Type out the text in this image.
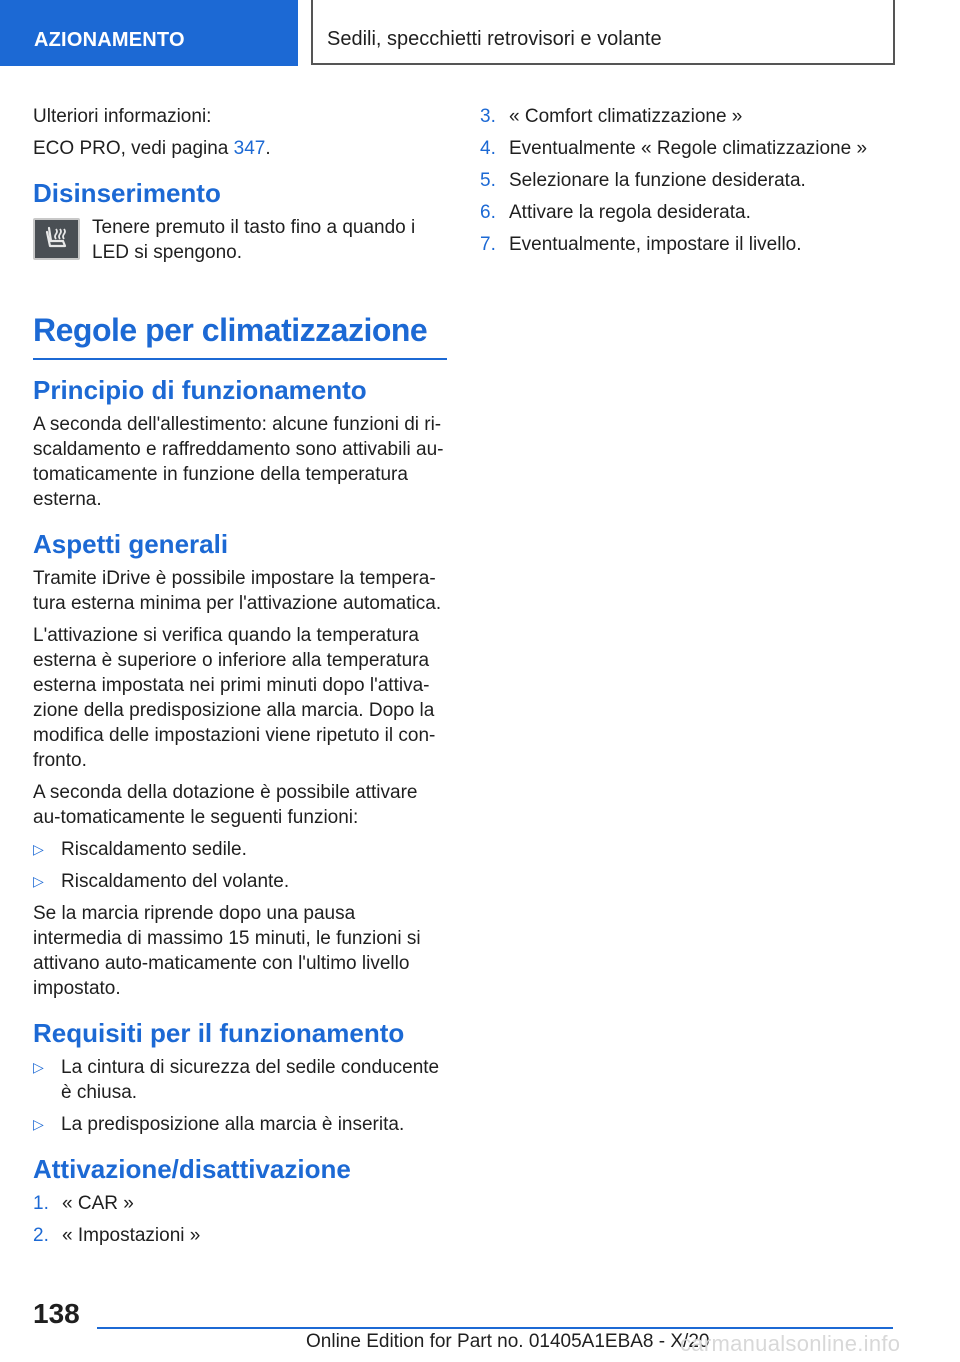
AZIONAMENTO	Sedili, specchietti retrovisori e volante

Ulteriori informazioni:

ECO PRO, vedi pagina 347.

Disinserimento

Tenere premuto il tasto fino a quando i LED si spengono.

Regole per climatizzazione
Principio di funzionamento

A seconda dell'allestimento: alcune funzioni di ri-scaldamento e raffreddamento sono attivabili au-tomaticamente in funzione della temperatura esterna.

Aspetti generali

Tramite iDrive è possibile impostare la tempera-tura esterna minima per l'attivazione automatica.

L'attivazione si verifica quando la temperatura esterna è superiore o inferiore alla temperatura esterna impostata nei primi minuti dopo l'attiva-zione della predisposizione alla marcia. Dopo la modifica delle impostazioni viene ripetuto il con-fronto.

A seconda della dotazione è possibile attivare au-tomaticamente le seguenti funzioni:

▷ Riscaldamento sedile.
▷ Riscaldamento del volante.

Se la marcia riprende dopo una pausa intermedia di massimo 15 minuti, le funzioni si attivano auto-maticamente con l'ultimo livello impostato.

Requisiti per il funzionamento
▷ La cintura di sicurezza del sedile conducente è chiusa.
▷ La predisposizione alla marcia è inserita.
Attivazione/disattivazione
1. « CAR »
2. « Impostazioni »
3. « Comfort climatizzazione »
4. Eventualmente « Regole climatizzazione »
5. Selezionare la funzione desiderata.
6. Attivare la regola desiderata.
7. Eventualmente, impostare il livello.
138
Online Edition for Part no. 01405A1EBA8 - X/20
carmanualsonline.info
